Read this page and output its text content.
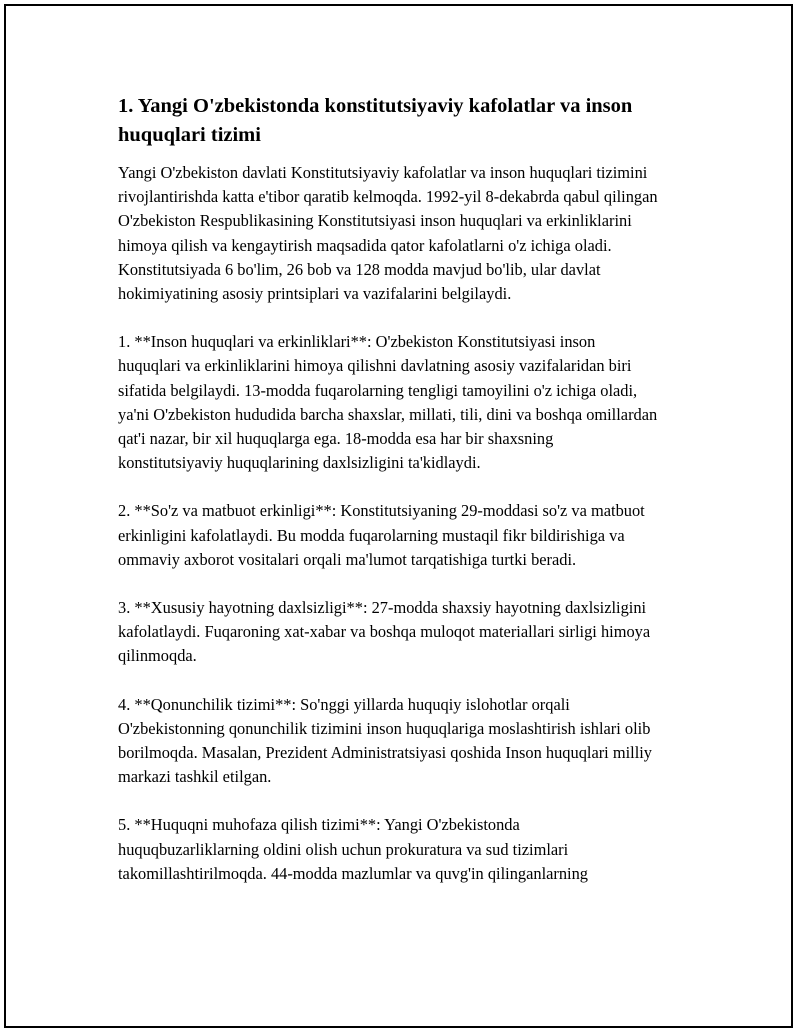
1. Yangi O'zbekistonda konstitutsiyaviy kafolatlar va inson huquqlari tizimi

Yangi O'zbekiston davlati Konstitutsiyaviy kafolatlar va inson huquqlari tizimini rivojlantirishda katta e'tibor qaratib kelmoqda. 1992-yil 8-dekabrda qabul qilingan O'zbekiston Respublikasining Konstitutsiyasi inson huquqlari va erkinliklarini himoya qilish va kengaytirish maqsadida qator kafolatlarni o'z ichiga oladi. Konstitutsiyada 6 bo'lim, 26 bob va 128 modda mavjud bo'lib, ular davlat hokimiyatining asosiy printsiplari va vazifalarini belgilaydi.

1. **Inson huquqlari va erkinliklari**: O'zbekiston Konstitutsiyasi inson huquqlari va erkinliklarini himoya qilishni davlatning asosiy vazifalaridan biri sifatida belgilaydi. 13-modda fuqarolarning tengligi tamoyilini o'z ichiga oladi, ya'ni O'zbekiston hududida barcha shaxslar, millati, tili, dini va boshqa omillardan qat'i nazar, bir xil huquqlarga ega. 18-modda esa har bir shaxsning konstitutsiyaviy huquqlarining daxlsizligini ta'kidlaydi.

2. **So'z va matbuot erkinligi**: Konstitutsiyaning 29-moddasi so'z va matbuot erkinligini kafolatlaydi. Bu modda fuqarolarning mustaqil fikr bildirishiga va ommaviy axborot vositalari orqali ma'lumot tarqatishiga turtki beradi.

3. **Xususiy hayotning daxlsizligi**: 27-modda shaxsiy hayotning daxlsizligini kafolatlaydi. Fuqaroning xat-xabar va boshqa muloqot materiallari sirligi himoya qilinmoqda.

4. **Qonunchilik tizimi**: So'nggi yillarda huquqiy islohotlar orqali O'zbekistonning qonunchilik tizimini inson huquqlariga moslashtirish ishlari olib borilmoqda. Masalan, Prezident Administratsiyasi qoshida Inson huquqlari milliy markazi tashkil etilgan.

5. **Huquqni muhofaza qilish tizimi**: Yangi O'zbekistonda huquqbuzarliklarning oldini olish uchun prokuratura va sud tizimlari takomillashtirilmoqda. 44-modda mazlumlar va quvg'in qilinganlarning
